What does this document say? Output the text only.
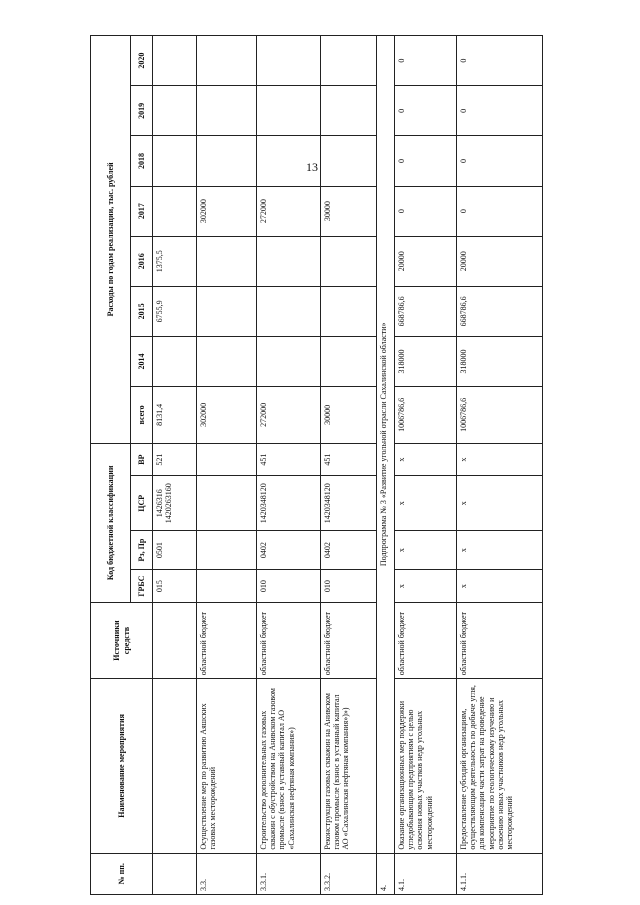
13
№ пп.	Наименование мероприятия	Источники средств	Код бюджетной классификации				Расходы по годам реализации, тыс. рублей							
			ГРБС	Рз, Пр	ЦСР	ВР	всего	2014	2015	2016	2017	2018	2019	2020
			015	0501	1426316 1420263160	521	8131,4		6755,9	1375,5				
3.3.	Осуществление мер по развитию Аяшских газовых месторождений	областной бюджет					302000				302000			
3.3.1.	Строительство дополнительных газовых скважин с обустройством на Анивском газовом промысле (взнос в уставный капитал АО «Сахалинская нефтяная компания»)	областной бюджет	010	0402	1420348120	451	272000				272000			
3.3.2.	Реконструкция газовых скважин на Анивском газовом промысле (взнос в уставный капитал АО «Сахалинская нефтяная компания»)»)	областной бюджет	010	0402	1420348120	451	30000				30000			
4.	Подпрограмма № 3 «Развитие угольной отрасли Сахалинской области»													
4.1.	Оказание организационных мер поддержки угледобывающим предприятиям с целью освоения новых участков недр угольных месторождений	областной бюджет	х	х	х	х	1006786,6	318000	668786,6	20000	0	0	0	0
4.1.1.	Предоставление субсидий организациям, осуществляющим деятельность по добыче угля, для компенсации части затрат на проведение мероприятие по геологическому изучению и освоению новых участников недр угольных месторождений	областной бюджет	х	х	х	х	1006786,6	318000	668786,6	20000	0	0	0	0
